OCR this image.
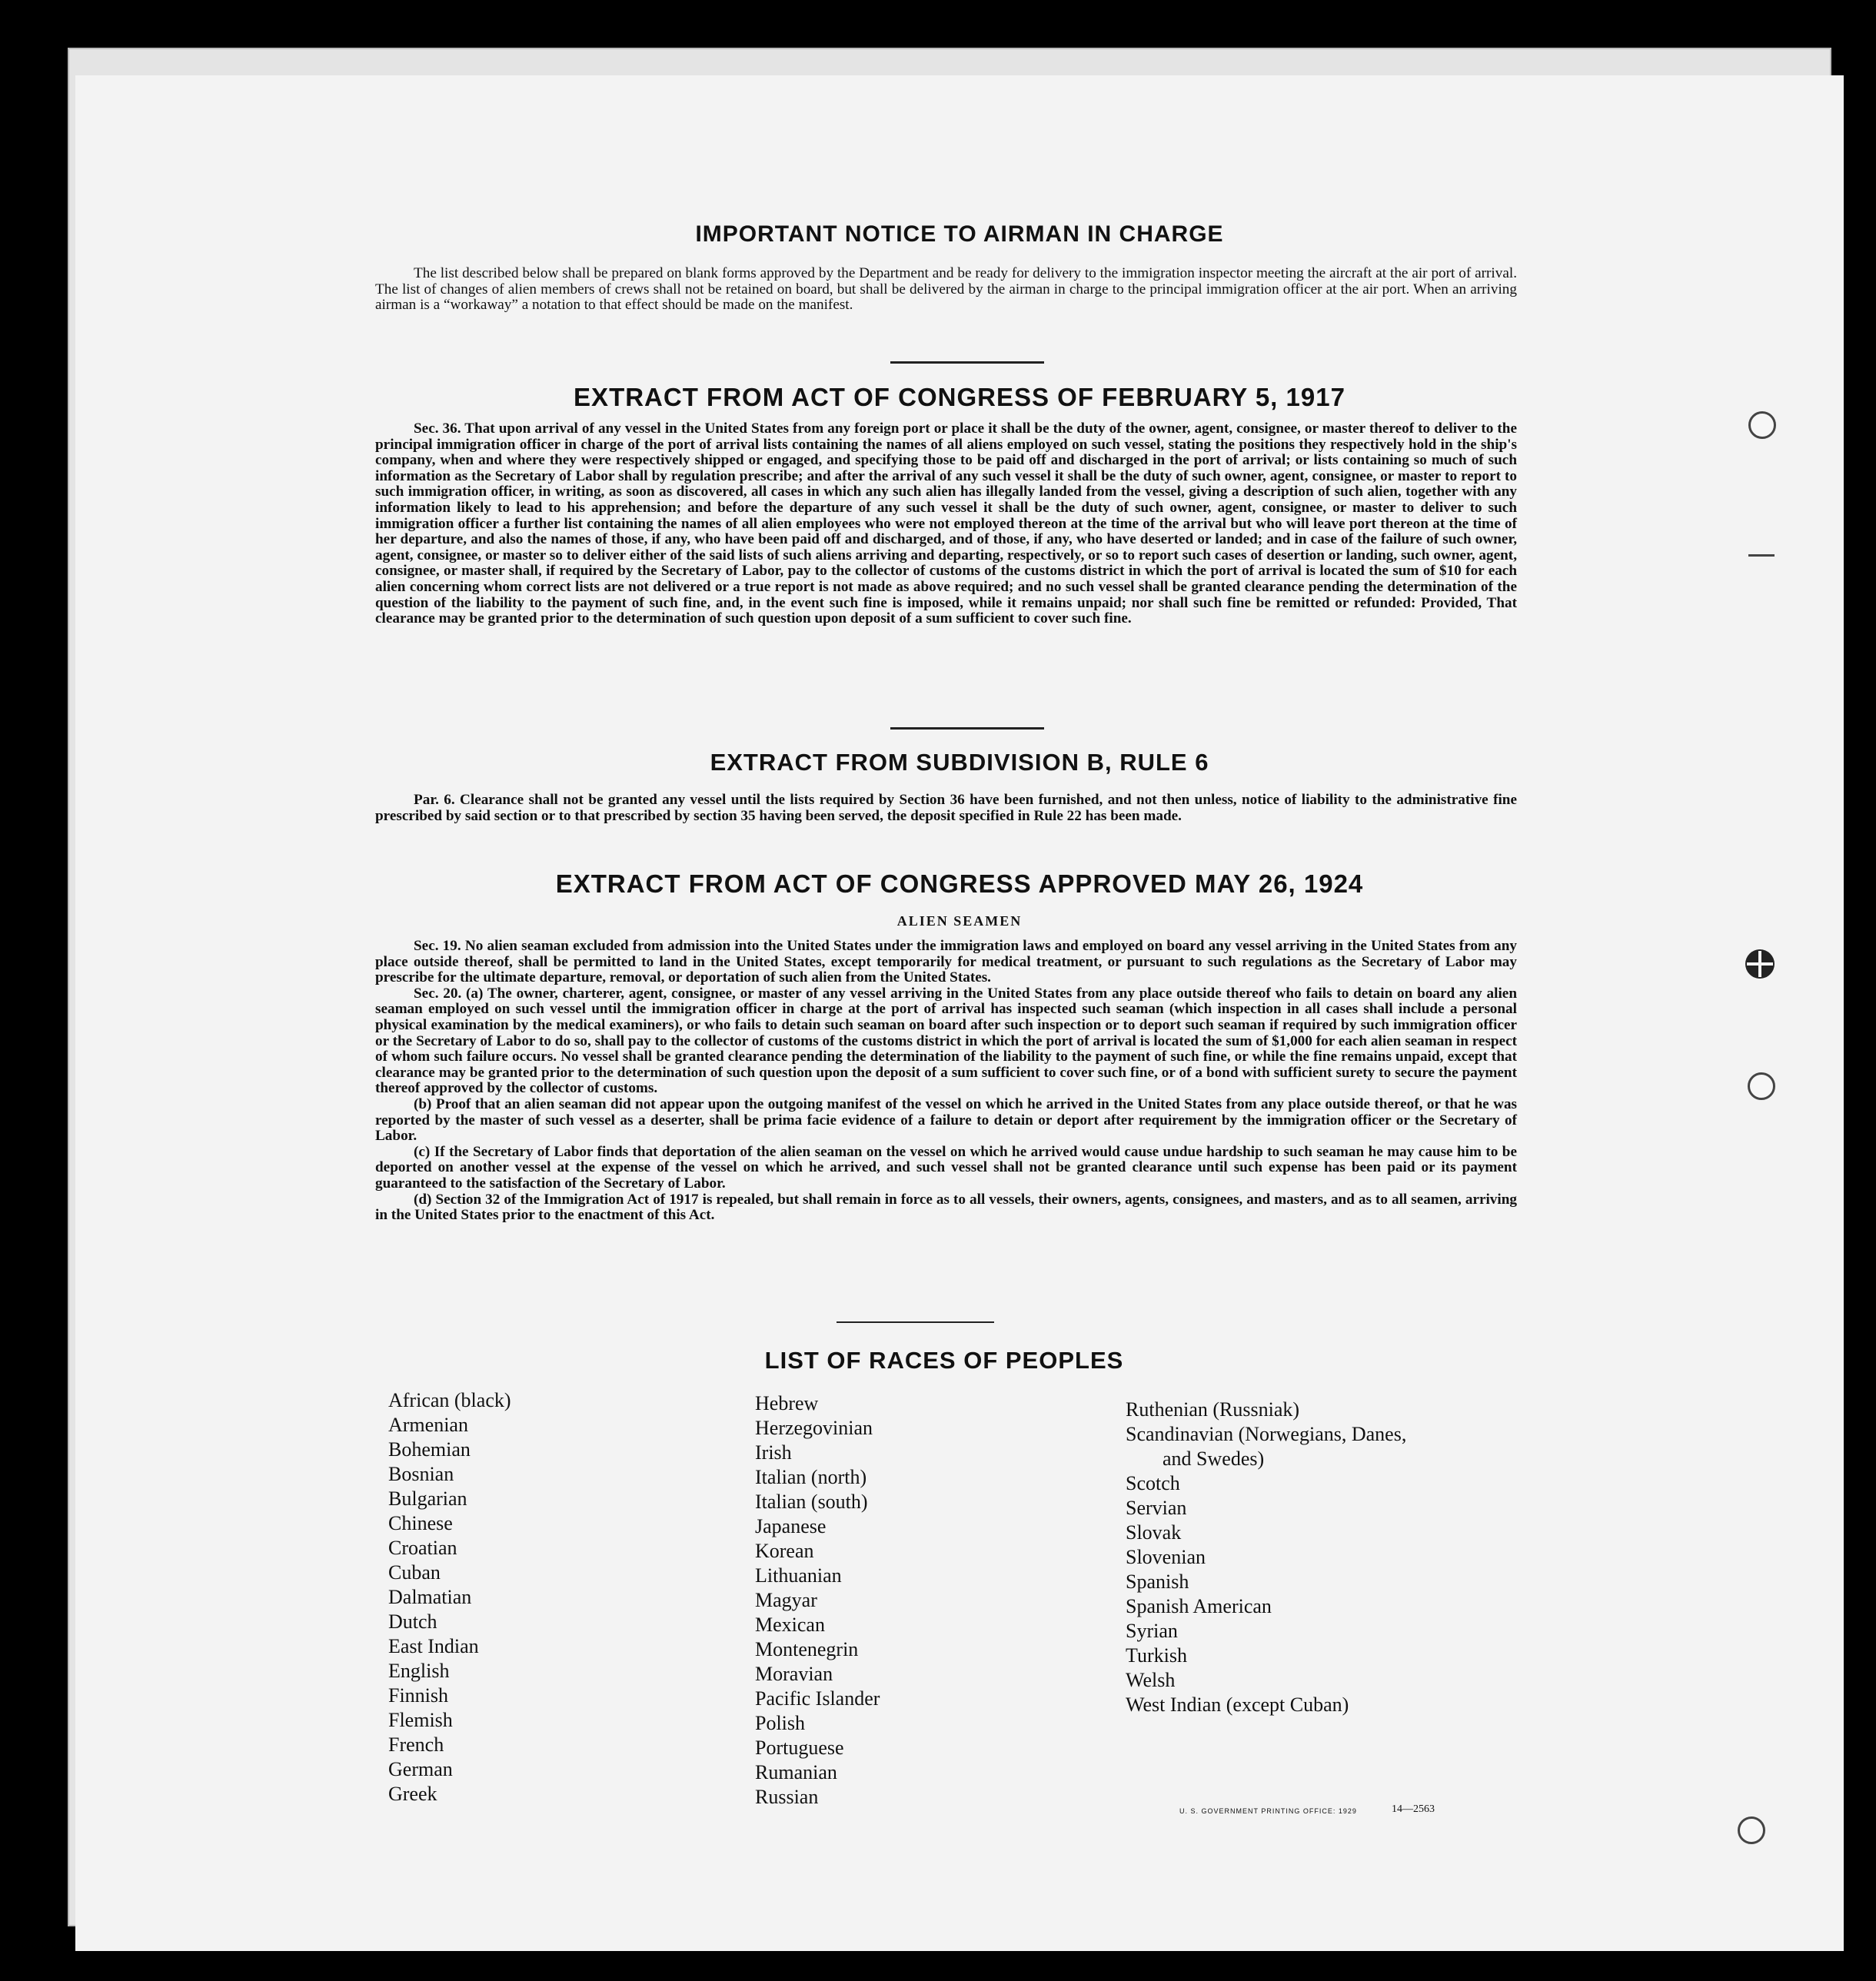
IMPORTANT NOTICE TO AIRMAN IN CHARGE

The list described below shall be prepared on blank forms approved by the Department and be ready for delivery to the immigration inspector meeting the aircraft at the air port of arrival. The list of changes of alien members of crews shall not be retained on board, but shall be delivered by the airman in charge to the principal immigration officer at the air port. When an arriving airman is a “workaway” a notation to that effect should be made on the manifest.

EXTRACT FROM ACT OF CONGRESS OF FEBRUARY 5, 1917

Sec. 36. That upon arrival of any vessel in the United States from any foreign port or place it shall be the duty of the owner, agent, consignee, or master thereof to deliver to the principal immigration officer in charge of the port of arrival lists containing the names of all aliens employed on such vessel, stating the positions they respectively hold in the ship's company, when and where they were respectively shipped or engaged, and specifying those to be paid off and discharged in the port of arrival; or lists containing so much of such information as the Secretary of Labor shall by regulation prescribe; and after the arrival of any such vessel it shall be the duty of such owner, agent, consignee, or master to report to such immigration officer, in writing, as soon as discovered, all cases in which any such alien has illegally landed from the vessel, giving a description of such alien, together with any information likely to lead to his apprehension; and before the departure of any such vessel it shall be the duty of such owner, agent, consignee, or master to deliver to such immigration officer a further list containing the names of all alien employees who were not employed thereon at the time of the arrival but who will leave port thereon at the time of her departure, and also the names of those, if any, who have been paid off and discharged, and of those, if any, who have deserted or landed; and in case of the failure of such owner, agent, consignee, or master so to deliver either of the said lists of such aliens arriving and departing, respectively, or so to report such cases of desertion or landing, such owner, agent, consignee, or master shall, if required by the Secretary of Labor, pay to the collector of customs of the customs district in which the port of arrival is located the sum of $10 for each alien concerning whom correct lists are not delivered or a true report is not made as above required; and no such vessel shall be granted clearance pending the determination of the question of the liability to the payment of such fine, and, in the event such fine is imposed, while it remains unpaid; nor shall such fine be remitted or refunded: Provided, That clearance may be granted prior to the determination of such question upon deposit of a sum sufficient to cover such fine.

EXTRACT FROM SUBDIVISION B, RULE 6

Par. 6. Clearance shall not be granted any vessel until the lists required by Section 36 have been furnished, and not then unless, notice of liability to the administrative fine prescribed by said section or to that prescribed by section 35 having been served, the deposit specified in Rule 22 has been made.

EXTRACT FROM ACT OF CONGRESS APPROVED MAY 26, 1924
ALIEN SEAMEN

Sec. 19. No alien seaman excluded from admission into the United States under the immigration laws and employed on board any vessel arriving in the United States from any place outside thereof, shall be permitted to land in the United States, except temporarily for medical treatment, or pursuant to such regulations as the Secretary of Labor may prescribe for the ultimate departure, removal, or deportation of such alien from the United States.

Sec. 20. (a) The owner, charterer, agent, consignee, or master of any vessel arriving in the United States from any place outside thereof who fails to detain on board any alien seaman employed on such vessel until the immigration officer in charge at the port of arrival has inspected such seaman (which inspection in all cases shall include a personal physical examination by the medical examiners), or who fails to detain such seaman on board after such inspection or to deport such seaman if required by such immigration officer or the Secretary of Labor to do so, shall pay to the collector of customs of the customs district in which the port of arrival is located the sum of $1,000 for each alien seaman in respect of whom such failure occurs. No vessel shall be granted clearance pending the determination of the liability to the payment of such fine, or while the fine remains unpaid, except that clearance may be granted prior to the determination of such question upon the deposit of a sum sufficient to cover such fine, or of a bond with sufficient surety to secure the payment thereof approved by the collector of customs.

(b) Proof that an alien seaman did not appear upon the outgoing manifest of the vessel on which he arrived in the United States from any place outside thereof, or that he was reported by the master of such vessel as a deserter, shall be prima facie evidence of a failure to detain or deport after requirement by the immigration officer or the Secretary of Labor.

(c) If the Secretary of Labor finds that deportation of the alien seaman on the vessel on which he arrived would cause undue hardship to such seaman he may cause him to be deported on another vessel at the expense of the vessel on which he arrived, and such vessel shall not be granted clearance until such expense has been paid or its payment guaranteed to the satisfaction of the Secretary of Labor.

(d) Section 32 of the Immigration Act of 1917 is repealed, but shall remain in force as to all vessels, their owners, agents, consignees, and masters, and as to all seamen, arriving in the United States prior to the enactment of this Act.

LIST OF RACES OF PEOPLES
African (black)
Armenian
Bohemian
Bosnian
Bulgarian
Chinese
Croatian
Cuban
Dalmatian
Dutch
East Indian
English
Finnish
Flemish
French
German
Greek
Hebrew
Herzegovinian
Irish
Italian (north)
Italian (south)
Japanese
Korean
Lithuanian
Magyar
Mexican
Montenegrin
Moravian
Pacific Islander
Polish
Portuguese
Rumanian
Russian
Ruthenian (Russniak)
Scandinavian (Norwegians, Danes,
and Swedes)
Scotch
Servian
Slovak
Slovenian
Spanish
Spanish American
Syrian
Turkish
Welsh
West Indian (except Cuban)
U. S. GOVERNMENT PRINTING OFFICE: 1929	14—2563
